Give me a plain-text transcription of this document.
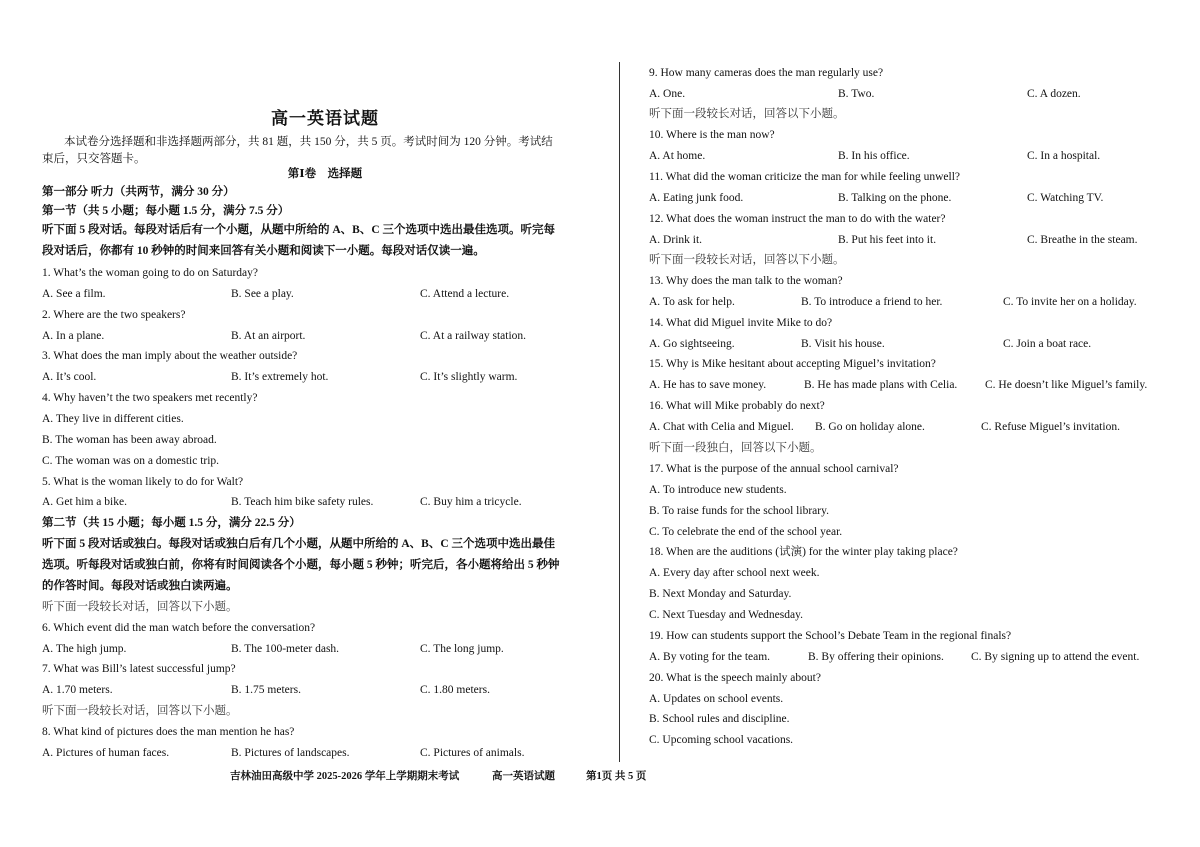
高一英语试题
本试卷分选择题和非选择题两部分，共 81 题，共 150 分，共 5 页。考试时间为 120 分钟。考试结
束后，只交答题卡。
第Ⅰ卷　选择题
第一部分 听力（共两节，满分 30 分）
第一节（共 5 小题；每小题 1.5 分，满分 7.5 分）
听下面 5 段对话。每段对话后有一个小题，从题中所给的 A、B、C 三个选项中选出最佳选项。听完每
段对话后，你都有 10 秒钟的时间来回答有关小题和阅读下一小题。每段对话仅读一遍。
1. What’s the woman going to do on Saturday?
A. See a film.	B. See a play.	C. Attend a lecture.
2. Where are the two speakers?
A. In a plane.	B. At an airport.	C. At a railway station.
3. What does the man imply about the weather outside?
A. It’s cool.	B. It’s extremely hot.	C. It’s slightly warm.
4. Why haven’t the two speakers met recently?
A. They live in different cities.
B. The woman has been away abroad.
C. The woman was on a domestic trip.
5. What is the woman likely to do for Walt?
A. Get him a bike.	B. Teach him bike safety rules.	C. Buy him a tricycle.
第二节（共 15 小题；每小题 1.5 分，满分 22.5 分）
听下面 5 段对话或独白。每段对话或独白后有几个小题，从题中所给的 A、B、C 三个选项中选出最佳
选项。听每段对话或独白前，你将有时间阅读各个小题，每小题 5 秒钟；听完后，各小题将给出 5 秒钟
的作答时间。每段对话或独白读两遍。
听下面一段较长对话，回答以下小题。
6. Which event did the man watch before the conversation?
A. The high jump.	B. The 100-meter dash.	C. The long jump.
7. What was Bill’s latest successful jump?
A. 1.70 meters.	B. 1.75 meters.	C. 1.80 meters.
听下面一段较长对话，回答以下小题。
8. What kind of pictures does the man mention he has?
A. Pictures of human faces.	B. Pictures of landscapes.	C. Pictures of animals.
9. How many cameras does the man regularly use?
A. One.	B. Two.	C. A dozen.
听下面一段较长对话，回答以下小题。
10. Where is the man now?
A. At home.	B. In his office.	C. In a hospital.
11. What did the woman criticize the man for while feeling unwell?
A. Eating junk food.	B. Talking on the phone.	C. Watching TV.
12. What does the woman instruct the man to do with the water?
A. Drink it.	B. Put his feet into it.	C. Breathe in the steam.
听下面一段较长对话，回答以下小题。
13. Why does the man talk to the woman?
A. To ask for help.	B. To introduce a friend to her.	C. To invite her on a holiday.
14. What did Miguel invite Mike to do?
A. Go sightseeing.	B. Visit his house.	C. Join a boat race.
15. Why is Mike hesitant about accepting Miguel’s invitation?
A. He has to save money.	B. He has made plans with Celia. C. He doesn’t like Miguel’s family.
16. What will Mike probably do next?
A. Chat with Celia and Miguel. B. Go on holiday alone.	C. Refuse Miguel’s invitation.
听下面一段独白，回答以下小题。
17. What is the purpose of the annual school carnival?
A. To introduce new students.
B. To raise funds for the school library.
C. To celebrate the end of the school year.
18. When are the auditions (试演) for the winter play taking place?
A. Every day after school next week.
B. Next Monday and Saturday.
C. Next Tuesday and Wednesday.
19. How can students support the School’s Debate Team in the regional finals?
A. By voting for the team.	B. By offering their opinions. C. By signing up to attend the event.
20. What is the speech mainly about?
A. Updates on school events.
B. School rules and discipline.
C. Upcoming school vacations.
吉林油田高级中学 2025-2026 学年上学期期末考试	高一英语试题	第1页 共 5 页
